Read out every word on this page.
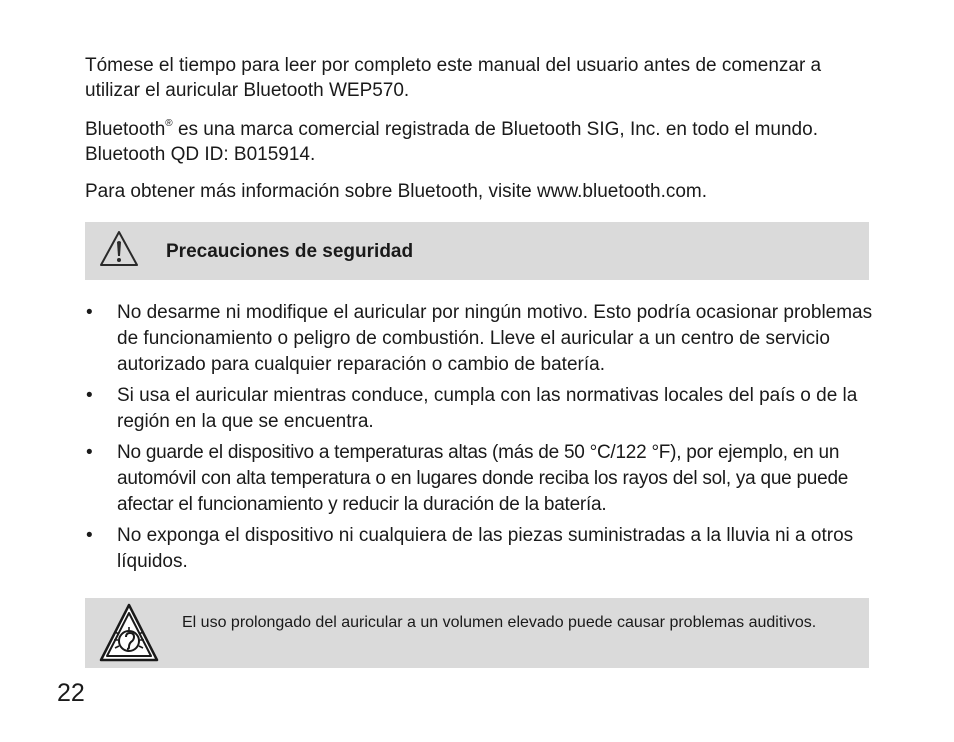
Tómese el tiempo para leer por completo este manual del usuario antes de comenzar a utilizar el auricular Bluetooth WEP570.

Bluetooth® es una marca comercial registrada de Bluetooth SIG, Inc. en todo el mundo. Bluetooth QD ID: B015914.

Para obtener más información sobre Bluetooth, visite www.bluetooth.com.

Precauciones de seguridad
• No desarme ni modifique el auricular por ningún motivo. Esto podría ocasionar problemas de funcionamiento o peligro de combustión. Lleve el auricular a un centro de servicio autorizado para cualquier reparación o cambio de batería.
• Si usa el auricular mientras conduce, cumpla con las normativas locales del país o de la región en la que se encuentra.
• No guarde el dispositivo a temperaturas altas (más de 50 °C/122 °F), por ejemplo, en un automóvil con alta temperatura o en lugares donde reciba los rayos del sol, ya que puede afectar el funcionamiento y reducir la duración de la batería.
• No exponga el dispositivo ni cualquiera de las piezas suministradas a la lluvia ni a otros líquidos.
El uso prolongado del auricular a un volumen elevado puede causar problemas auditivos.
22
